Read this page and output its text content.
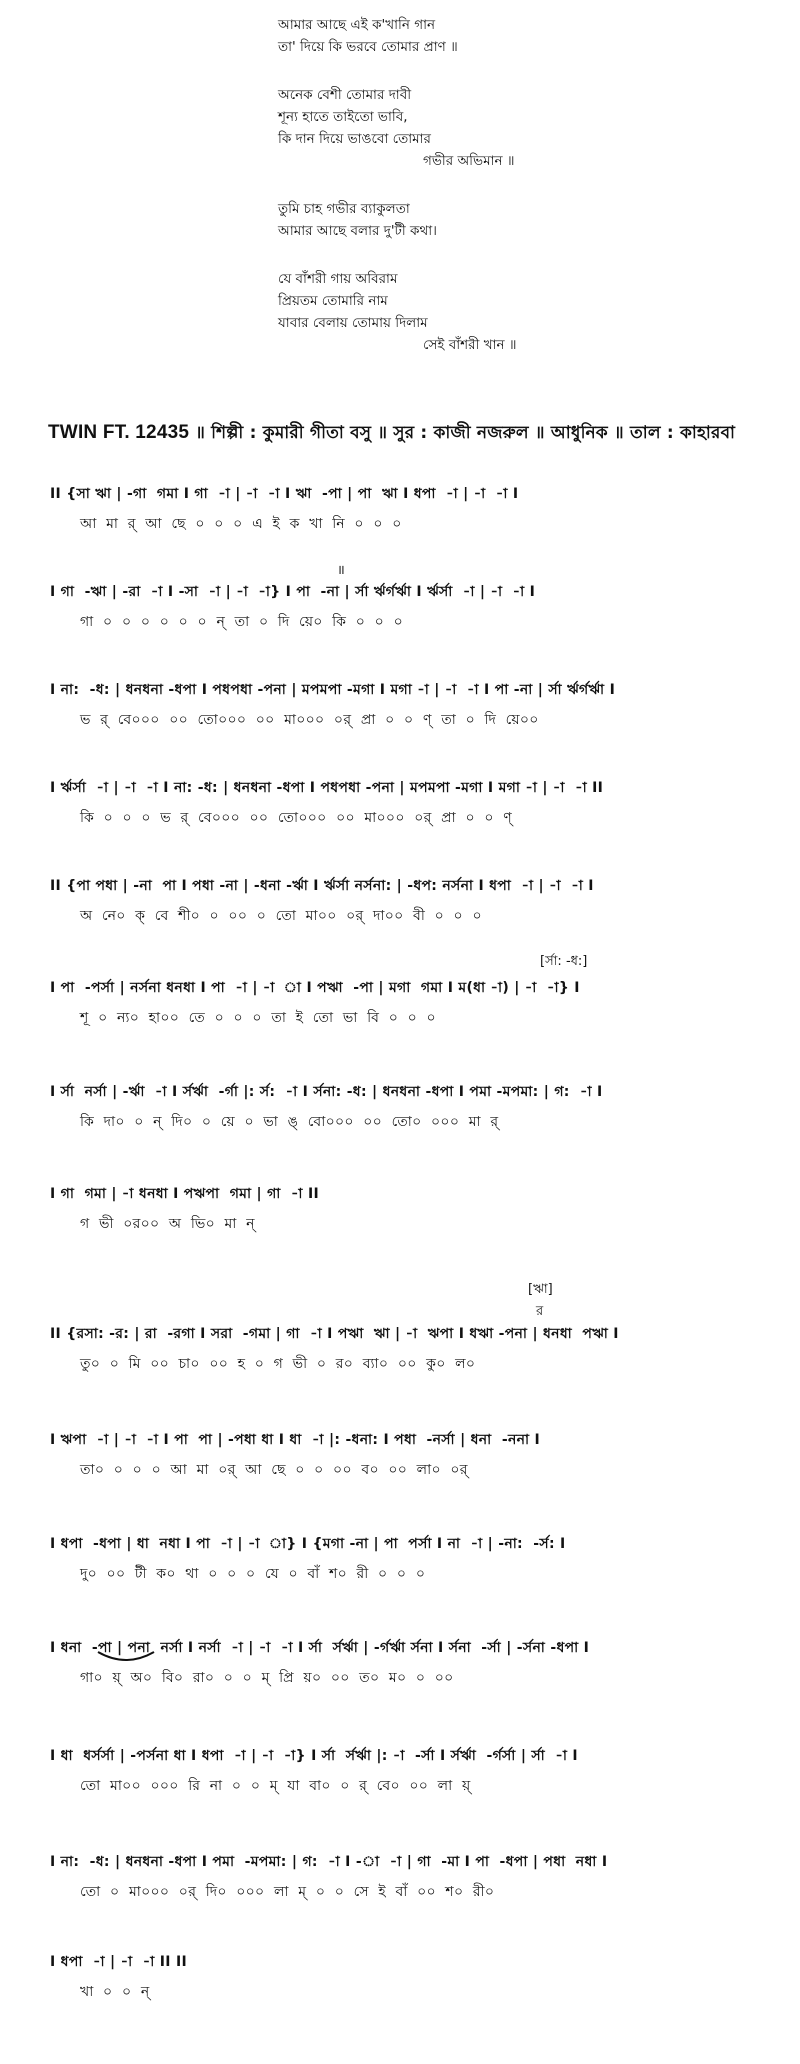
আমার আছে এই ক'খানি গান
তা' দিয়ে কি ভরবে তোমার প্রাণ ॥
অনেক বেশী তোমার দাবী
শূন্য হাতে তাইতো ভাবি,
কি দান দিয়ে ভাঙবো তোমার
গভীর অভিমান ॥
তুমি চাহ গভীর ব্যাকুলতা
আমার আছে বলার দু'টী কথা।
যে বাঁশরী গায় অবিরাম
প্রিয়তম তোমারি নাম
যাবার বেলায় তোমায় দিলাম
সেই বাঁশরী খান ॥
TWIN FT. 12435 ॥ শিল্পী : কুমারী গীতা বসু ॥ সুর : কাজী নজরুল ॥ আধুনিক ॥ তাল : কাহারবা
II {সা ঋা | -গা  গমা I গা  -া | -া  -া I ঋা  -পা | পা  ঋা I ধপা  -া | -া  -া I
আ  মা  র্  আ  ছে  ০  ০  ০  এ  ই  ক  খা  নি  ০  ০  ০
॥
I গা  -ঋা | -রা  -া I -সা  -া | -া  -া} I পা  -না | র্সা র্ঋর্গর্ঋা I র্ঋর্সা  -া | -া  -া I
গা  ০  ০  ০  ০  ০  ০  ন্  তা  ০  দি  য়ে০  কি  ০  ০  ০
I না:  -ধ: | ধনধনা -ধপা I পধপধা -পনা | মপমপা -মগা I মগা -া | -া  -া I পা -না | র্সা র্ঋর্গর্ঋা I
ভ  র্  বে০০০  ০০  তো০০০  ০০  মা০০০  ০র্  প্রা  ০  ০  ণ্  তা  ০  দি  য়ে০০
I র্ঋর্সা  -া | -া  -া I না: -ধ: | ধনধনা -ধপা I পধপধা -পনা | মপমপা -মগা I মগা -া | -া  -া II
কি  ০  ০  ০  ভ  র্  বে০০০  ০০  তো০০০  ০০  মা০০০  ০র্  প্রা  ০  ০  ণ্
II {পা পধা | -না  পা I পধা -না | -ধনা -র্ঋা I র্ঋর্সা নর্সনা: | -ধপ: নর্সনা I ধপা  -া | -া  -া I
অ  নে০  ক্  বে  শী০  ০  ০০  ০  তো  মা০০  ০র্  দা০০  বী  ০  ০  ০
[র্সা: -ধ:]
I পা  -পর্সা | নর্সনা ধনধা I পা  -া | -া  া I পঋা  -পা | মগা  গমা I ম(ধা -া) | -া  -া} I
শূ  ০  ন্য০  হা০০  তে  ০  ০  ০  তা  ই  তো  ভা  বি  ০  ০  ০
I র্সা  নর্সা | -র্ঋা  -া I র্সর্ঋা  -র্গা |: র্স:  -া I র্সনা: -ধ: | ধনধনা -ধপা I পমা -মপমা: | গ:  -া I
কি  দা০  ০  ন্  দি০  ০  য়ে  ০  ভা  ঙ্  বো০০০  ০০  তো০  ০০০  মা  র্
I গা  গমা | -া ধনধা I পঋপা  গমা | গা  -া II
গ  ভী  ০র০০  অ  ভি০  মা  ন্
[ঋা]
র
II {রসা: -র: | রা  -রগা I সরা  -গমা | গা  -া I পঋা  ঋা | -া  ঋপা I ধঋা -পনা | ধনধা  পঋা I
তু০  ০  মি  ০০  চা০  ০০  হ  ০  গ  ভী  ০  র০  ব্যা০  ০০  কু০  ল০
I ঋপা  -া | -া  -া I পা  পা | -পধা ধা I ধা  -া |: -ধনা: I পধা  -নর্সা | ধনা  -ননা I
তা০  ০  ০  ০  আ  মা  ০র্  আ  ছে  ০  ০  ০০  ব০  ০০  লা০  ০র্
I ধপা  -ধপা | ধা  নধা I পা  -া | -া  া} I {মগা -না | পা  পর্সা I না  -া | -না:  -র্স: I
দু০  ০০  টী  ক০  থা  ০  ০  ০  যে  ০  বাঁ  শ০  রী  ০  ০  ০
I ধনা  -পা | পনা  নর্সা I নর্সা  -া | -া  -া I র্সা  র্সর্ঋা | -র্গর্ঋা র্সনা I র্সনা  -র্সা | -র্সনা -ধপা I
গা০  য়্  অ০  বি০  রা০  ০  ০  ম্  প্রি  য়০  ০০  ত০  ম০  ০  ০০
I ধা  ধর্সর্সা | -পর্সনা ধা I ধপা  -া | -া  -া} I র্সা  র্সর্ঋা |: -া  -র্সা I র্সর্ঋা  -র্গর্সা | র্সা  -া I
তো  মা০০  ০০০  রি  না  ০  ০  ম্  যা  বা০  ০  র্  বে০  ০০  লা  য়্
I না:  -ধ: | ধনধনা -ধপা I পমা  -মপমা: | গ:  -া I -া  -া | গা  -মা I পা  -ধপা | পধা  নধা I
তো  ০  মা০০০  ০র্  দি০  ০০০  লা  ম্  ০  ০  সে  ই  বাঁ  ০০  শ০  রী০
I ধপা  -া | -া  -া II II
খা  ০  ০  ন্
